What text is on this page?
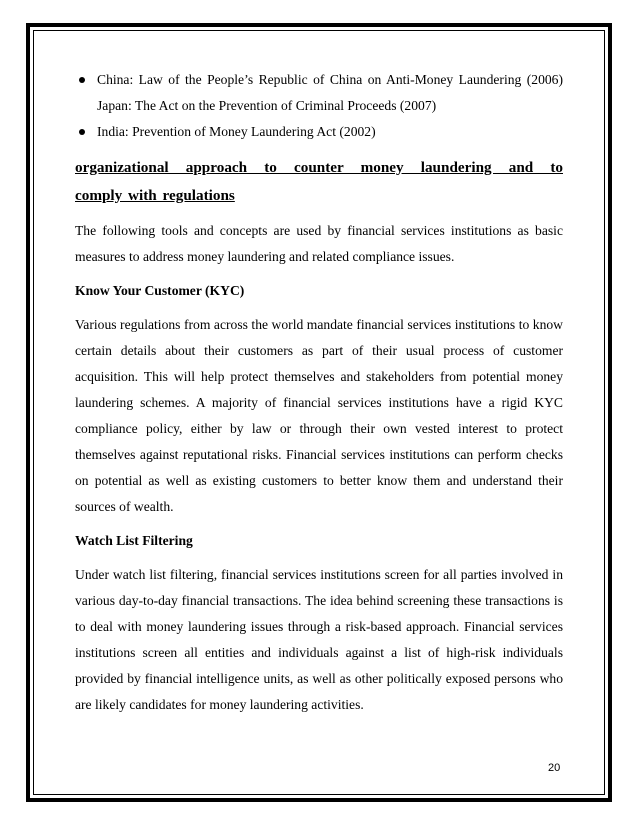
China: Law of the People’s Republic of China on Anti-Money Laundering (2006) Japan: The Act on the Prevention of Criminal Proceeds (2007)
India: Prevention of Money Laundering Act (2002)
organizational approach to counter money laundering and to
comply with regulations

The following tools and concepts are used by financial services institutions as basic measures to address money laundering and related compliance issues.

Know Your Customer (KYC)

Various regulations from across the world mandate financial services institutions to know certain details about their customers as part of their usual process of customer acquisition. This will help protect themselves and stakeholders from potential money laundering schemes. A majority of financial services institutions have a rigid KYC compliance policy, either by law or through their own vested interest to protect themselves against reputational risks. Financial services institutions can perform checks on potential as well as existing customers to better know them and understand their sources of wealth.

Watch List Filtering

Under watch list filtering, financial services institutions screen for all parties involved in various day-to-day financial transactions. The idea behind screening these transactions is to deal with money laundering issues through a risk-based approach. Financial services institutions screen all entities and individuals against a list of high-risk individuals provided by financial intelligence units, as well as other politically exposed persons who are likely candidates for money laundering activities.

20
